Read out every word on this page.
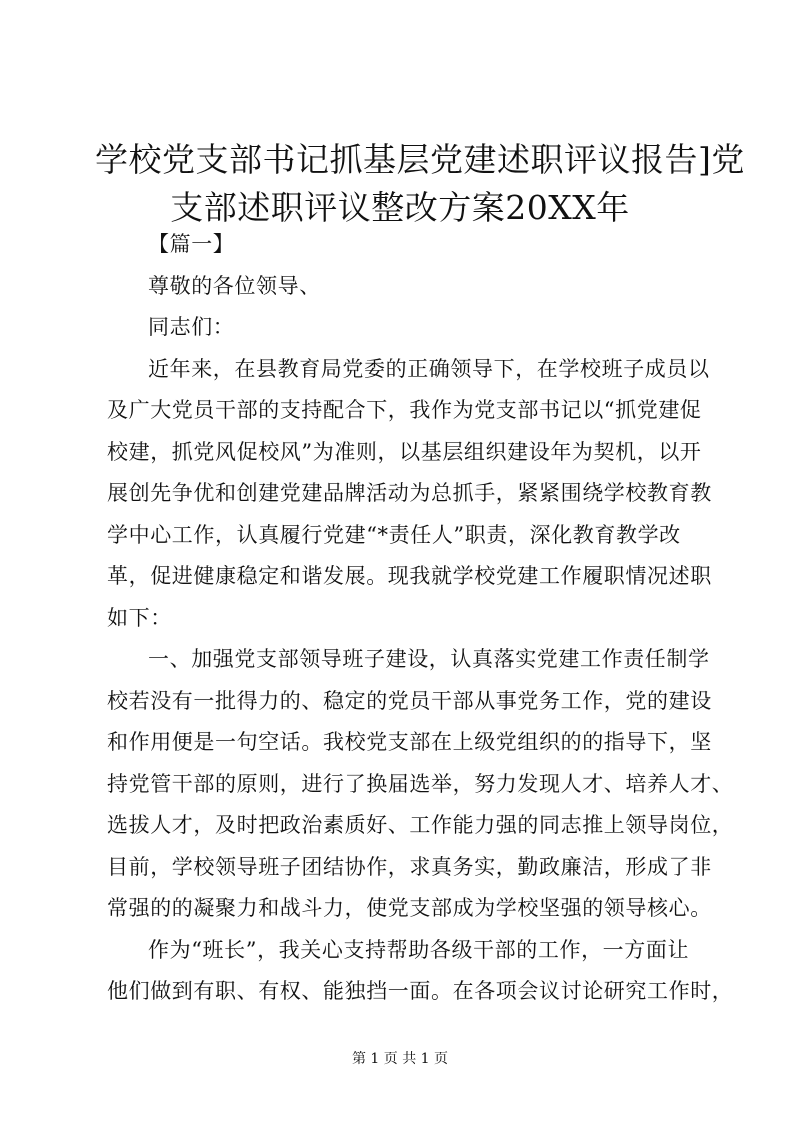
学校党支部书记抓基层党建述职评议报告]党
支部述职评议整改方案20XX年
【篇一】
尊敬的各位领导、
同志们：
近年来，在县教育局党委的正确领导下，在学校班子成员以
及广大党员干部的支持配合下，我作为党支部书记以“抓党建促
校建，抓党风促校风”为准则，以基层组织建设年为契机，以开
展创先争优和创建党建品牌活动为总抓手，紧紧围绕学校教育教
学中心工作，认真履行党建“*责任人”职责，深化教育教学改
革，促进健康稳定和谐发展。现我就学校党建工作履职情况述职
如下：
一、加强党支部领导班子建设，认真落实党建工作责任制学
校若没有一批得力的、稳定的党员干部从事党务工作，党的建设
和作用便是一句空话。我校党支部在上级党组织的的指导下，坚
持党管干部的原则，进行了换届选举，努力发现人才、培养人才、
选拔人才，及时把政治素质好、工作能力强的同志推上领导岗位，
目前，学校领导班子团结协作，求真务实，勤政廉洁，形成了非
常强的的凝聚力和战斗力，使党支部成为学校坚强的领导核心。
作为“班长”，我关心支持帮助各级干部的工作，一方面让
他们做到有职、有权、能独挡一面。在各项会议讨论研究工作时，
第 1 页 共 1 页
